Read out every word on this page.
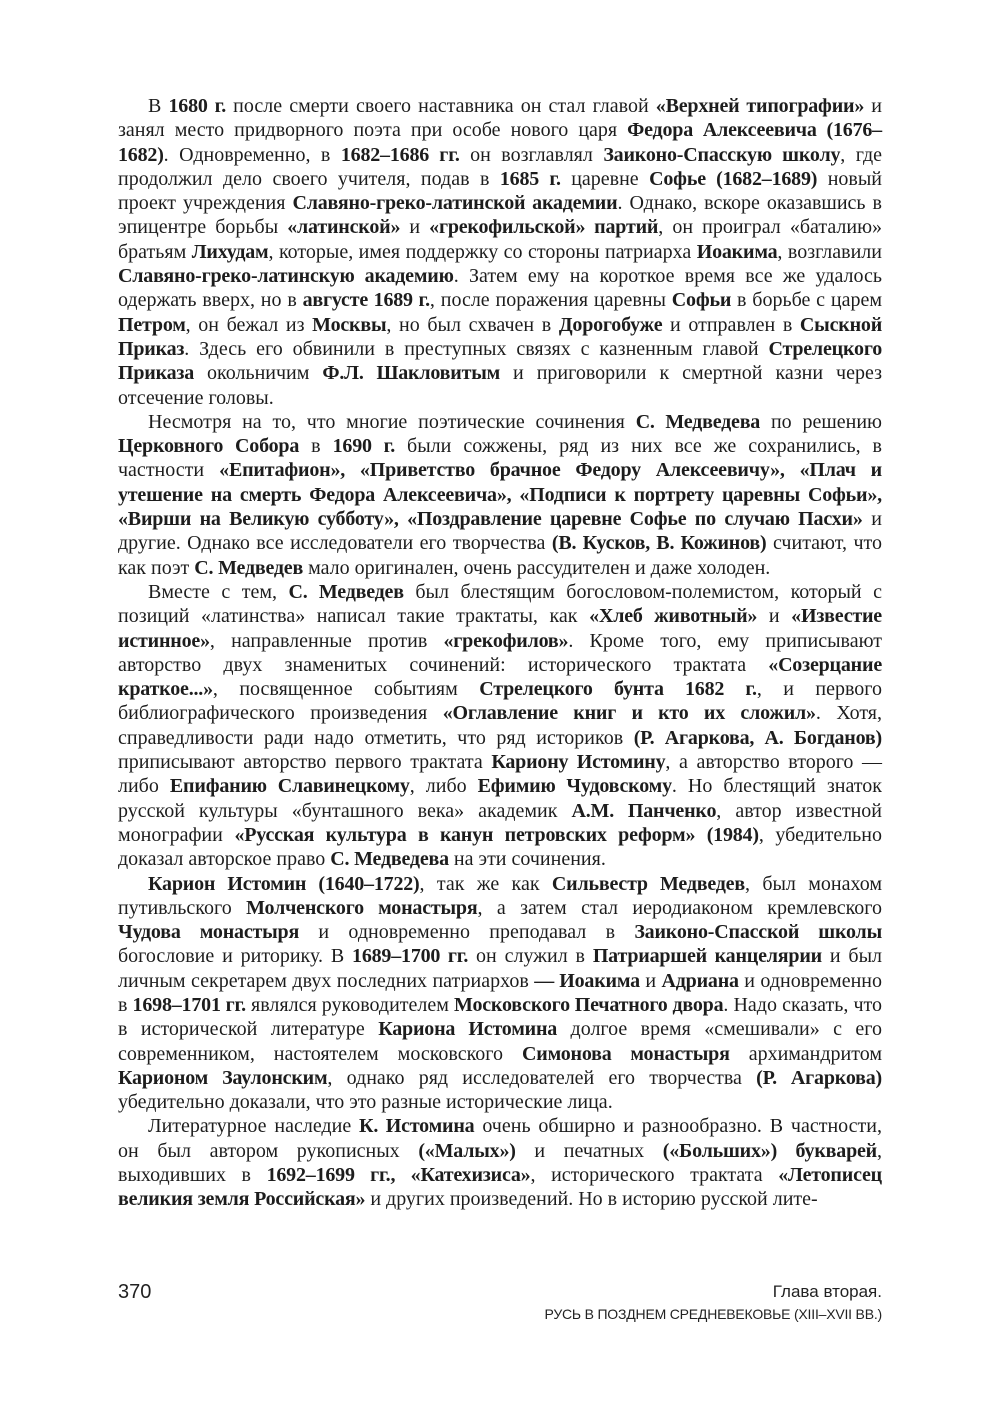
В 1680 г. после смерти своего наставника он стал главой «Верхней типографии» и занял место придворного поэта при особе нового царя Федора Алексеевича (1676–1682). Одновременно, в 1682–1686 гг. он возглавлял Заиконо-Спасскую школу, где продолжил дело своего учителя, подав в 1685 г. царевне Софье (1682–1689) новый проект учреждения Славяно-греко-латинской академии. Однако, вскоре оказавшись в эпицентре борьбы «латинской» и «грекофильской» партий, он проиграл «баталию» братьям Лихудам, которые, имея поддержку со стороны патриарха Иоакима, возглавили Славяно-греко-латинскую академию. Затем ему на короткое время все же удалось одержать вверх, но в августе 1689 г., после поражения царевны Софьи в борьбе с царем Петром, он бежал из Москвы, но был схвачен в Дорогобуже и отправлен в Сыскной Приказ. Здесь его обвинили в преступных связях с казненным главой Стрелецкого Приказа окольничим Ф.Л. Шакловитым и приговорили к смертной казни через отсечение головы.

Несмотря на то, что многие поэтические сочинения С. Медведева по решению Церковного Собора в 1690 г. были сожжены, ряд из них все же сохранились, в частности «Епитафион», «Приветство брачное Федору Алексеевичу», «Плач и утешение на смерть Федора Алексеевича», «Подписи к портрету царевны Софьи», «Вирши на Великую субботу», «Поздравление царевне Софье по случаю Пасхи» и другие. Однако все исследователи его творчества (В. Кусков, В. Кожинов) считают, что как поэт С. Медведев мало оригинален, очень рассудителен и даже холоден.

Вместе с тем, С. Медведев был блестящим богословом-полемистом, который с позиций «латинства» написал такие трактаты, как «Хлеб животный» и «Известие истинное», направленные против «грекофилов». Кроме того, ему приписывают авторство двух знаменитых сочинений: исторического трактата «Созерцание краткое...», посвященное событиям Стрелецкого бунта 1682 г., и первого библиографического произведения «Оглавление книг и кто их сложил». Хотя, справедливости ради надо отметить, что ряд историков (Р. Агаркова, А. Богданов) приписывают авторство первого трактата Кариону Истомину, а авторство второго — либо Епифанию Славинецкому, либо Ефимию Чудовскому. Но блестящий знаток русской культуры «бунташного века» академик А.М. Панченко, автор известной монографии «Русская культура в канун петровских реформ» (1984), убедительно доказал авторское право С. Медведева на эти сочинения.

Карион Истомин (1640–1722), так же как Сильвестр Медведев, был монахом путивльского Молченского монастыря, а затем стал иеродиаконом кремлевского Чудова монастыря и одновременно преподавал в Заиконо-Спасской школы богословие и риторику. В 1689–1700 гг. он служил в Патриаршей канцелярии и был личным секретарем двух последних патриархов — Иоакима и Адриана и одновременно в 1698–1701 гг. являлся руководителем Московского Печатного двора. Надо сказать, что в исторической литературе Кариона Истомина долгое время «смешивали» с его современником, настоятелем московского Симонова монастыря архимандритом Карионом Заулонским, однако ряд исследователей его творчества (Р. Агаркова) убедительно доказали, что это разные исторические лица.

Литературное наследие К. Истомина очень обширно и разнообразно. В частности, он был автором рукописных («Малых») и печатных («Больших») букварей, выходивших в 1692–1699 гг., «Катехизиса», исторического трактата «Летописец великия земля Российская» и других произведений. Но в историю русской лите-

370	Глава вторая.
РУСЬ В ПОЗДНЕМ СРЕДНЕВЕКОВЬЕ (XIII–XVII ВВ.)
